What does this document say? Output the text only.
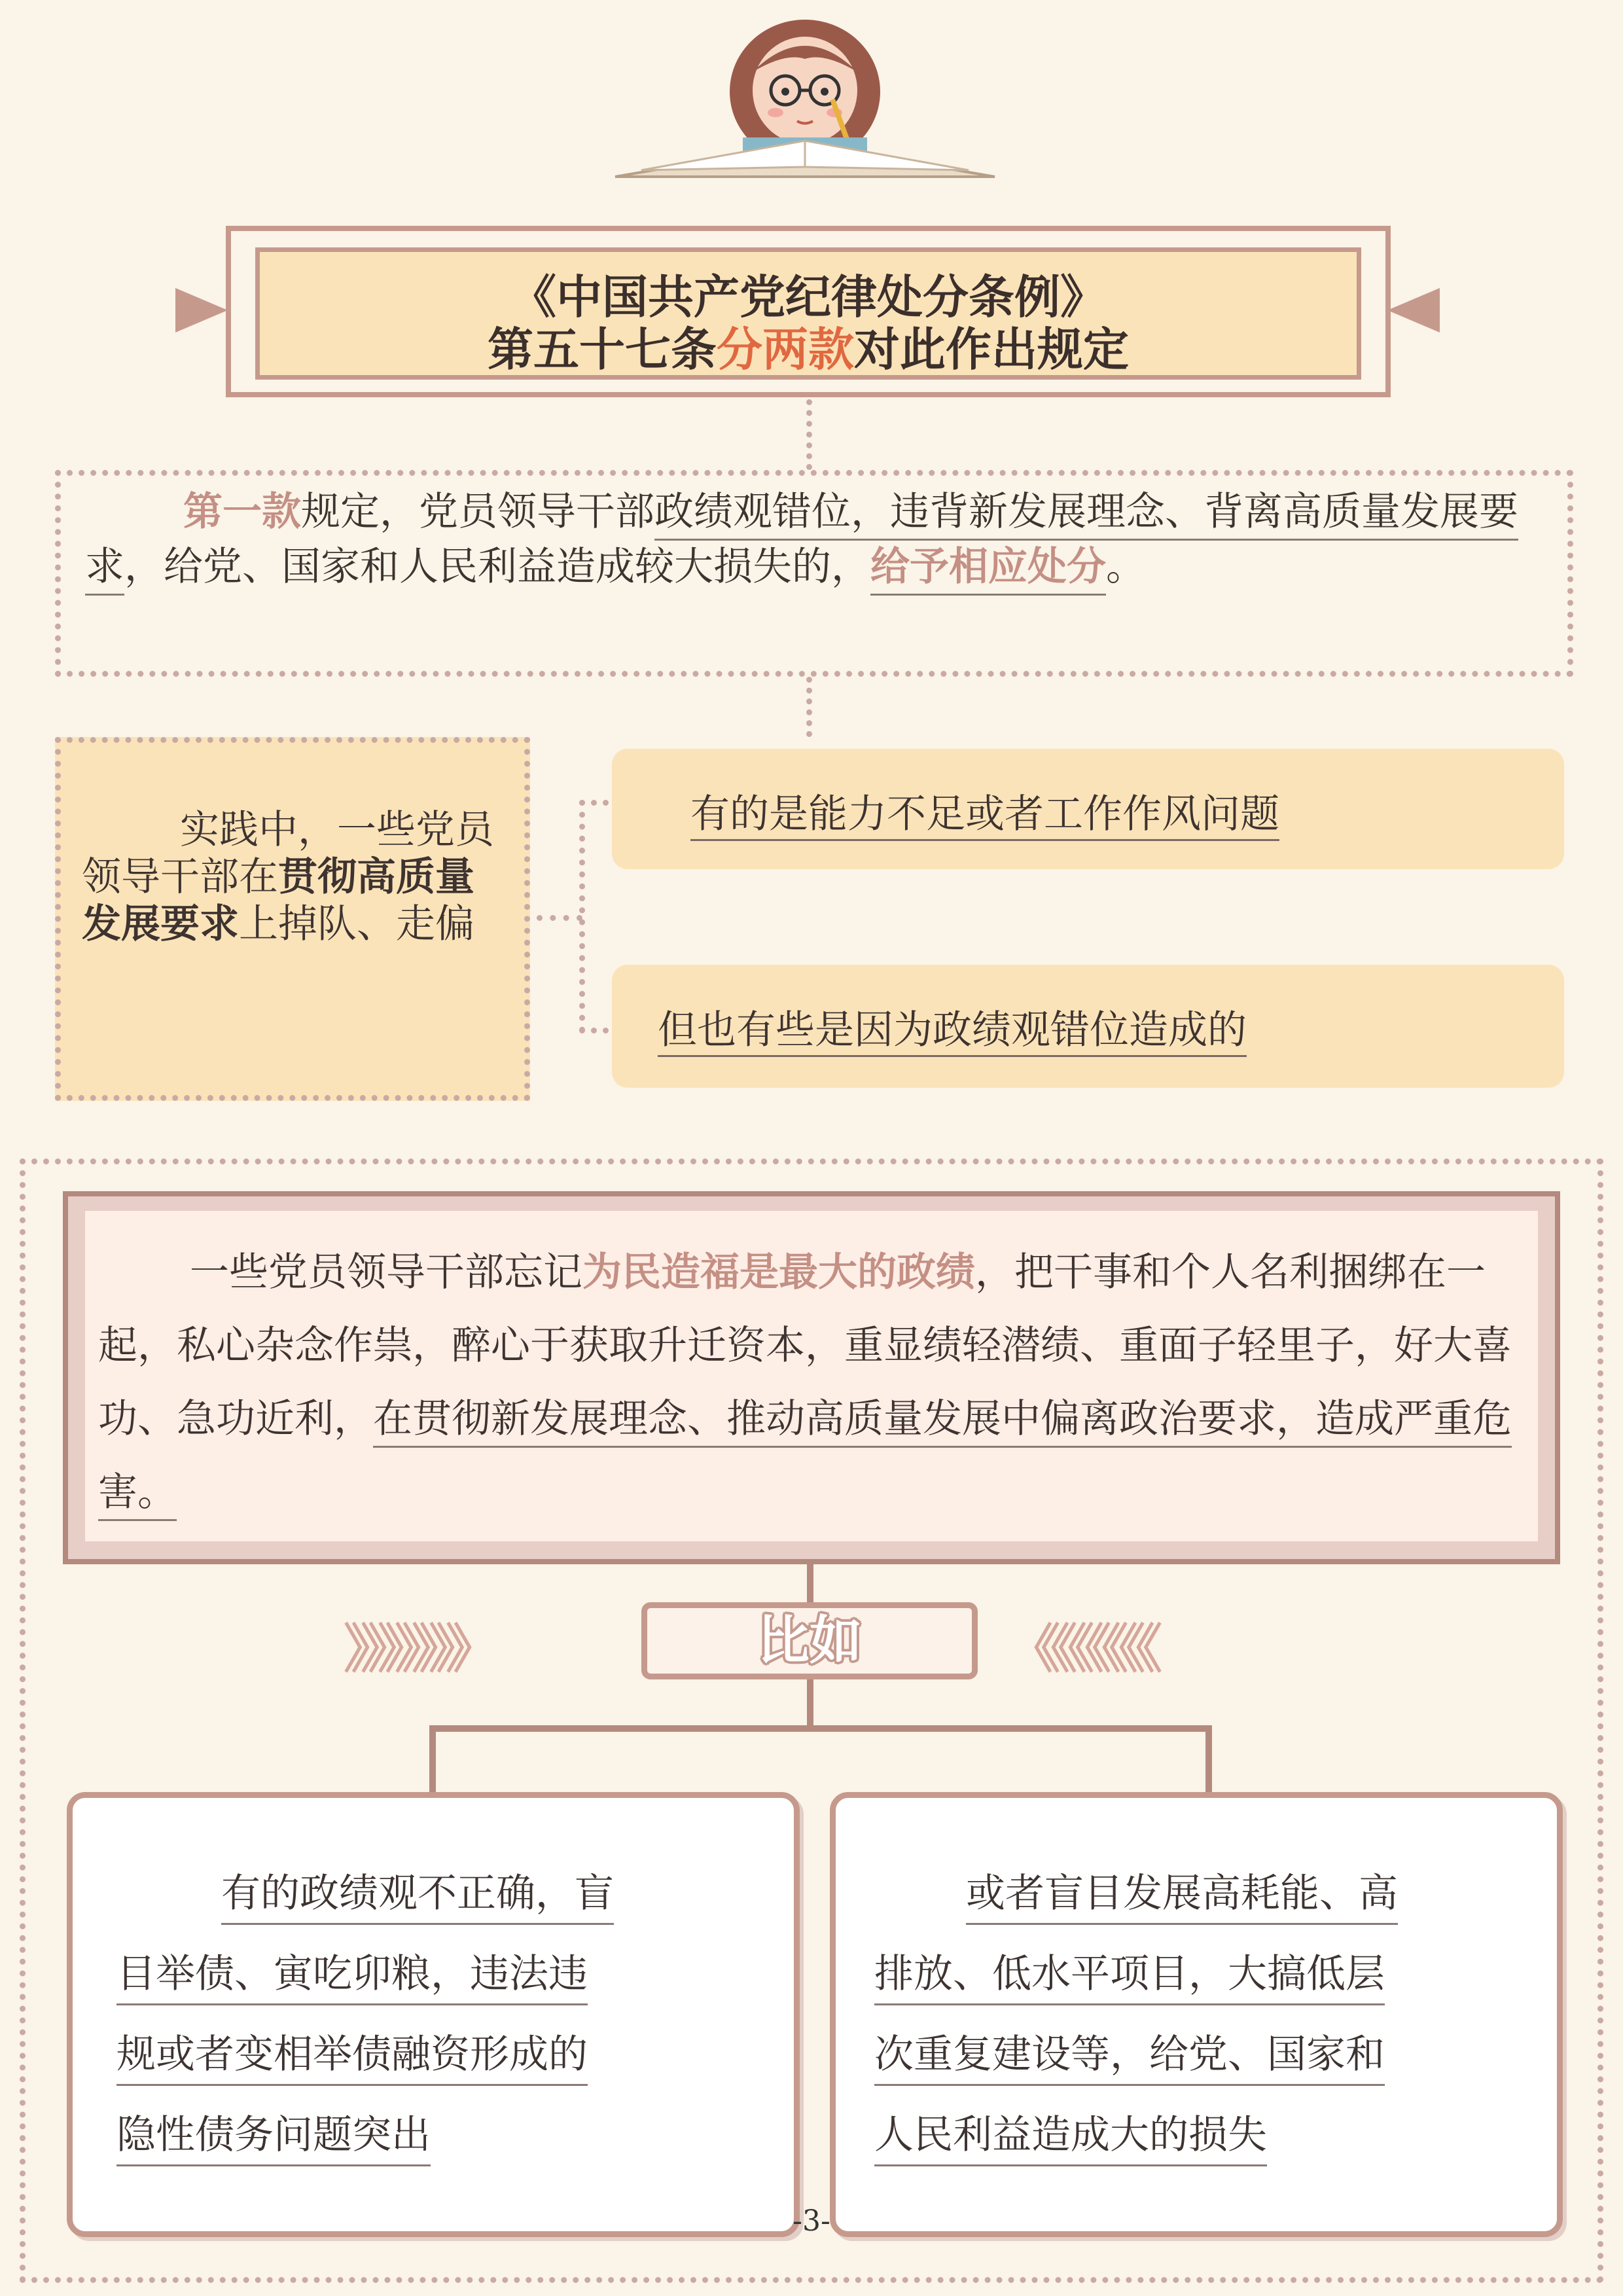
《中国共产党纪律处分条例》
第五十七条分两款对此作出规定
第一款规定，党员领导干部政绩观错位，违背新发展理念、背离高质量发展要求，给党、国家和人民利益造成较大损失的，给予相应处分。
实践中，一些党员领导干部在贯彻高质量发展要求上掉队、走偏
有的是能力不足或者工作作风问题
但也有些是因为政绩观错位造成的
一些党员领导干部忘记为民造福是最大的政绩，把干事和个人名利捆绑在一起，私心杂念作祟，醉心于获取升迁资本，重显绩轻潜绩、重面子轻里子，好大喜功、急功近利，在贯彻新发展理念、推动高质量发展中偏离政治要求，造成严重危害。
》》》》》》》	《《《《《《《
比如
有的政绩观不正确，盲
目举债、寅吃卯粮，违法违
规或者变相举债融资形成的
隐性债务问题突出
或者盲目发展高耗能、高
排放、低水平项目，大搞低层
次重复建设等，给党、国家和
人民利益造成大的损失
-3-
